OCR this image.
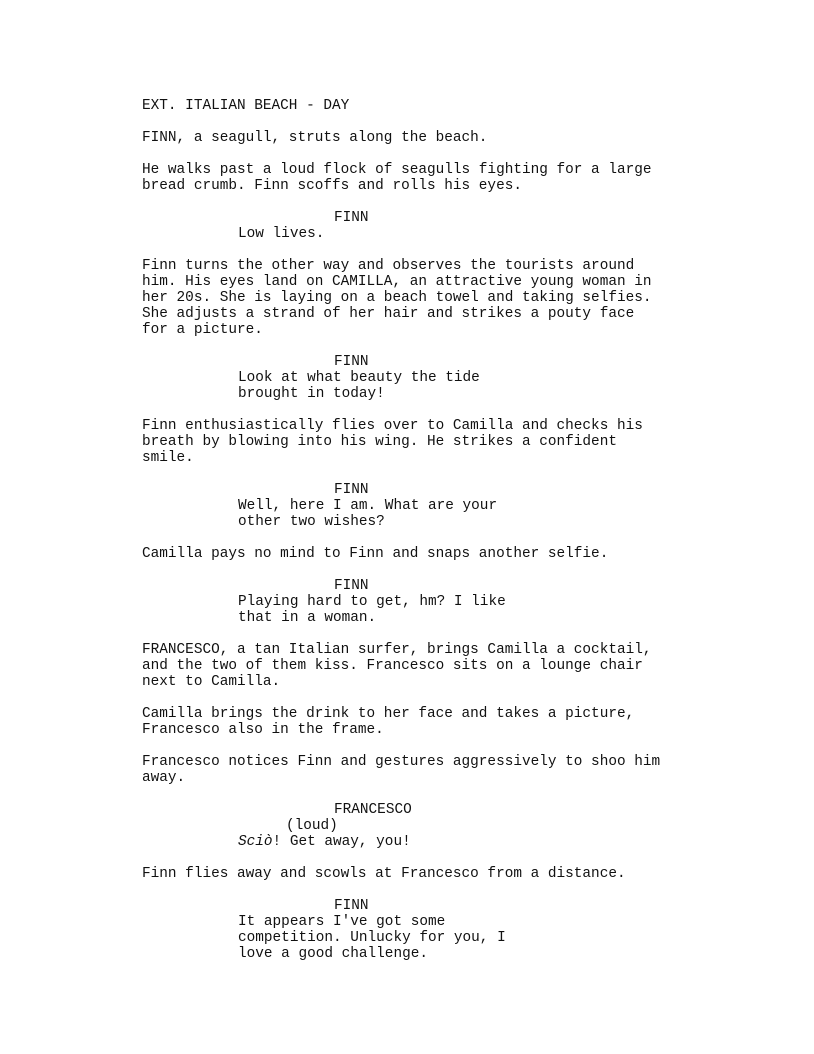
EXT. ITALIAN BEACH - DAY
FINN, a seagull, struts along the beach.
He walks past a loud flock of seagulls fighting for a large
bread crumb. Finn scoffs and rolls his eyes.
FINN
Low lives.
Finn turns the other way and observes the tourists around
him. His eyes land on CAMILLA, an attractive young woman in
her 20s. She is laying on a beach towel and taking selfies.
She adjusts a strand of her hair and strikes a pouty face
for a picture.
FINN
Look at what beauty the tide
brought in today!
Finn enthusiastically flies over to Camilla and checks his
breath by blowing into his wing. He strikes a confident
smile.
FINN
Well, here I am. What are your
other two wishes?
Camilla pays no mind to Finn and snaps another selfie.
FINN
Playing hard to get, hm? I like
that in a woman.
FRANCESCO, a tan Italian surfer, brings Camilla a cocktail,
and the two of them kiss. Francesco sits on a lounge chair
next to Camilla.
Camilla brings the drink to her face and takes a picture,
Francesco also in the frame.
Francesco notices Finn and gestures aggressively to shoo him
away.
FRANCESCO
(loud)
Sciò! Get away, you!
Finn flies away and scowls at Francesco from a distance.
FINN
It appears I've got some
competition. Unlucky for you, I
love a good challenge.
